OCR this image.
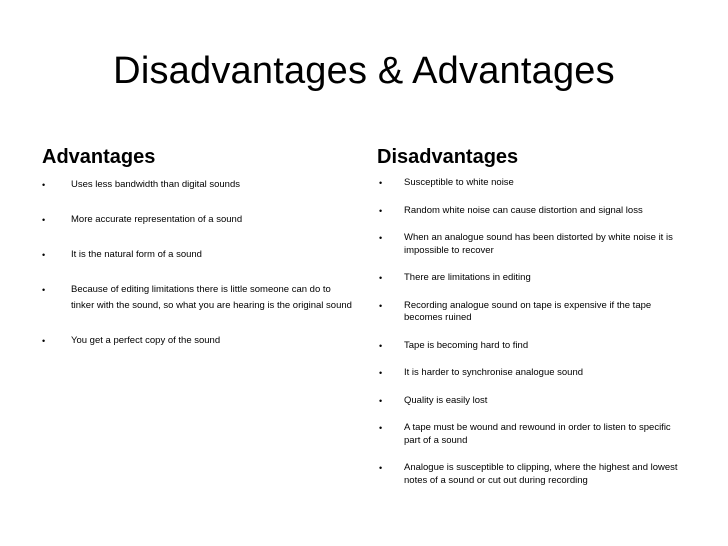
Disadvantages & Advantages
Advantages
•	Uses less bandwidth than digital sounds
•	More accurate representation of a sound
•	It is the natural form of a sound
•	Because of editing limitations there is little someone can do to tinker with the sound, so what you are hearing is the original sound
•	You get a perfect copy of the sound
Disadvantages
• Susceptible to white noise
• Random white noise can cause distortion and signal loss
• When an analogue sound has been distorted by white noise it is impossible to recover
• There are limitations in editing
• Recording analogue sound on tape is expensive if the tape becomes ruined
• Tape is becoming hard to find
• It is harder to synchronise analogue sound
• Quality is easily lost
• A tape must be wound and rewound in order to listen to specific part of a sound
• Analogue is susceptible to clipping, where the highest and lowest notes of a sound or cut out during recording
